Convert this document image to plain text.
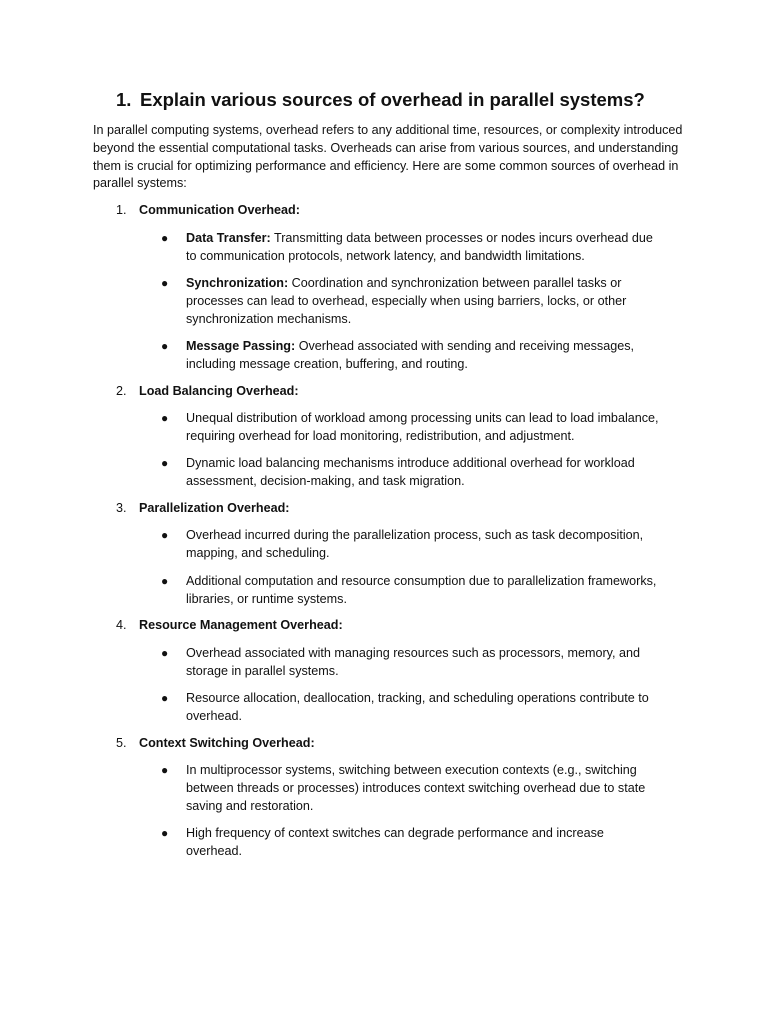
1. Explain various sources of overhead in parallel systems?

In parallel computing systems, overhead refers to any additional time, resources, or complexity introduced beyond the essential computational tasks. Overheads can arise from various sources, and understanding them is crucial for optimizing performance and efficiency. Here are some common sources of overhead in parallel systems:

1. Communication Overhead:
● Data Transfer: Transmitting data between processes or nodes incurs overhead due to communication protocols, network latency, and bandwidth limitations.
● Synchronization: Coordination and synchronization between parallel tasks or processes can lead to overhead, especially when using barriers, locks, or other synchronization mechanisms.
● Message Passing: Overhead associated with sending and receiving messages, including message creation, buffering, and routing.
2. Load Balancing Overhead:
● Unequal distribution of workload among processing units can lead to load imbalance, requiring overhead for load monitoring, redistribution, and adjustment.
● Dynamic load balancing mechanisms introduce additional overhead for workload assessment, decision-making, and task migration.
3. Parallelization Overhead:
● Overhead incurred during the parallelization process, such as task decomposition, mapping, and scheduling.
● Additional computation and resource consumption due to parallelization frameworks, libraries, or runtime systems.
4. Resource Management Overhead:
● Overhead associated with managing resources such as processors, memory, and storage in parallel systems.
● Resource allocation, deallocation, tracking, and scheduling operations contribute to overhead.
5. Context Switching Overhead:
● In multiprocessor systems, switching between execution contexts (e.g., switching between threads or processes) introduces context switching overhead due to state saving and restoration.
● High frequency of context switches can degrade performance and increase overhead.
